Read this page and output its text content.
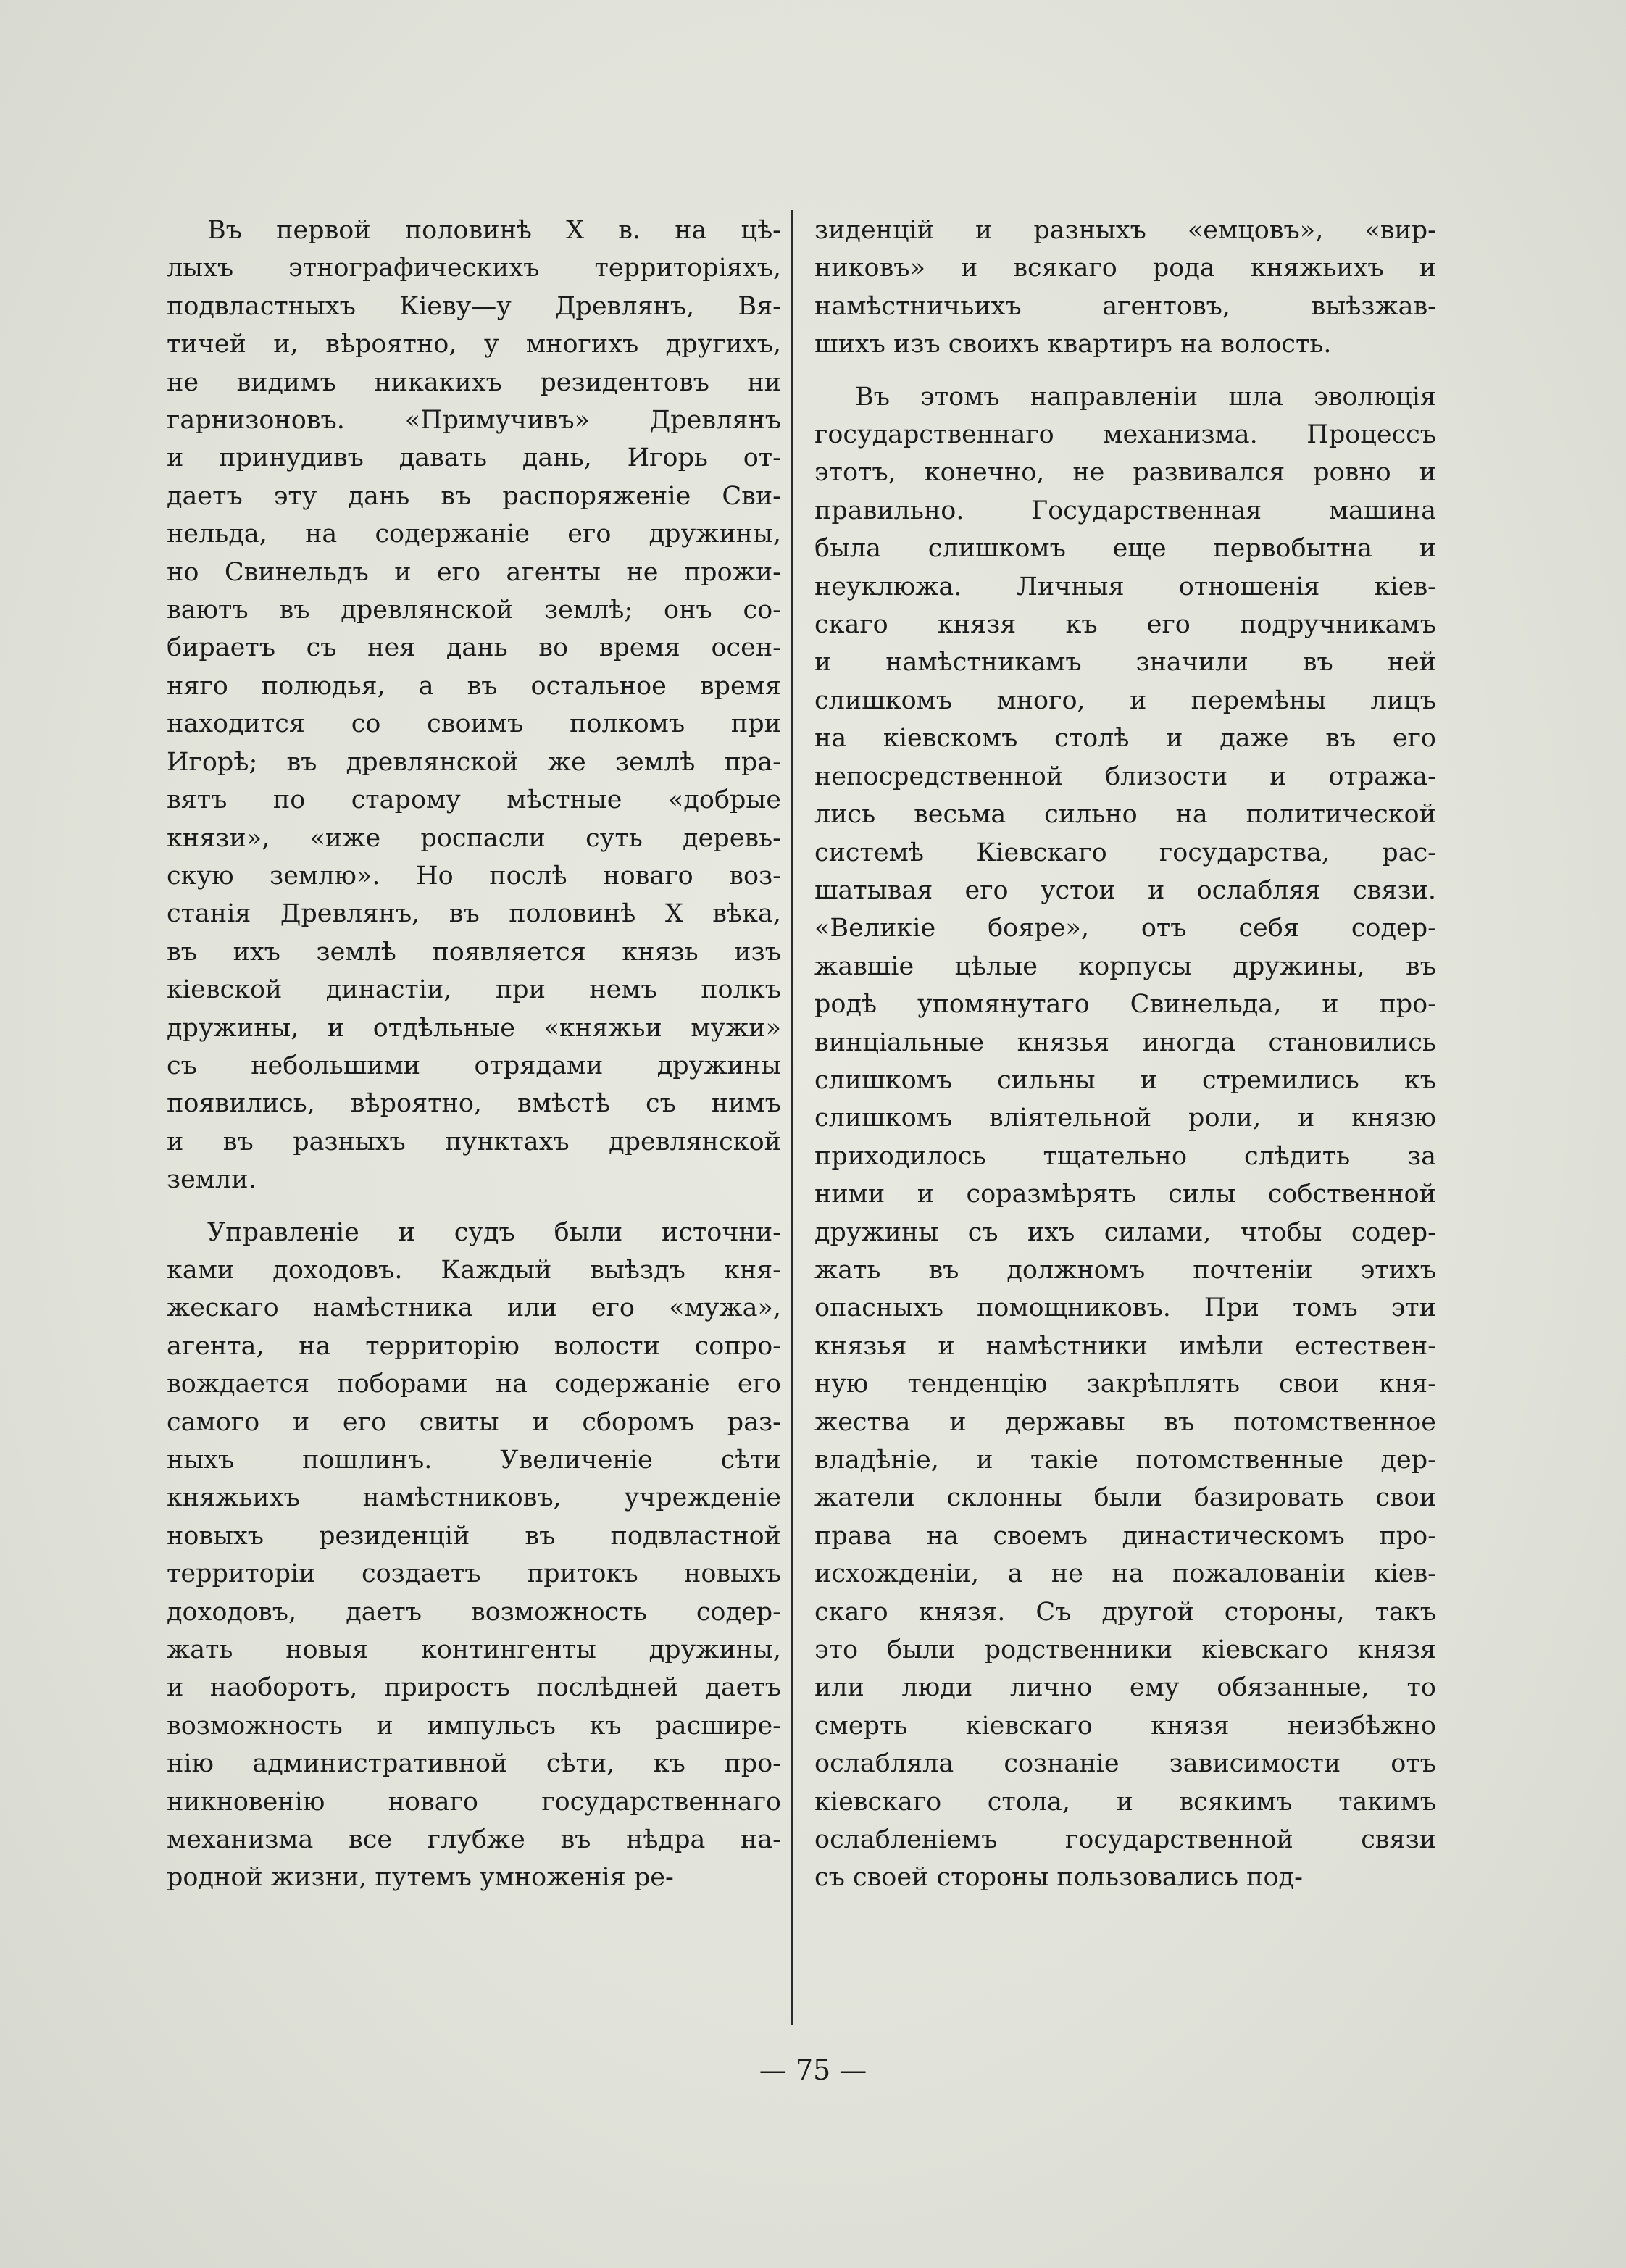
Въ первой половинѣ X в. на цѣ-
лыхъ этнографическихъ территоріяхъ,
подвластныхъ Кіеву—у Древлянъ, Вя-
тичей и, вѣроятно, у многихъ другихъ,
не видимъ никакихъ резидентовъ ни
гарнизоновъ. «Примучивъ» Древлянъ
и принудивъ давать дань, Игорь от-
даетъ эту дань въ распоряженіе Сви-
нельда, на содержаніе его дружины,
но Свинельдъ и его агенты не прожи-
ваютъ въ древлянской землѣ; онъ со-
бираетъ съ нея дань во время осен-
няго полюдья, а въ остальное время
находится со своимъ полкомъ при
Игорѣ; въ древлянской же землѣ пра-
вятъ по старому мѣстные «добрые
князи», «иже роспасли суть деревь-
скую землю». Но послѣ новаго воз-
станія Древлянъ, въ половинѣ X вѣка,
въ ихъ землѣ появляется князь изъ
кіевской династіи, при немъ полкъ
дружины, и отдѣльные «княжьи мужи»
съ небольшими отрядами дружины
появились, вѣроятно, вмѣстѣ съ нимъ
и въ разныхъ пунктахъ древлянской
земли.

Управленіе и судъ были источни-
ками доходовъ. Каждый выѣздъ кня-
жескаго намѣстника или его «мужа»,
агента, на территорію волости сопро-
вождается поборами на содержаніе его
самого и его свиты и сборомъ раз-
ныхъ пошлинъ. Увеличеніе сѣти
княжьихъ намѣстниковъ, учрежденіе
новыхъ резиденцій въ подвластной
территоріи создаетъ притокъ новыхъ
доходовъ, даетъ возможность содер-
жать новыя контингенты дружины,
и наоборотъ, приростъ послѣдней даетъ
возможность и импульсъ къ расшире-
нію административной сѣти, къ про-
никновенію новаго государственнаго
механизма все глубже въ нѣдра на-
родной жизни, путемъ умноженія ре-

зиденцій и разныхъ «емцовъ», «вир-
никовъ» и всякаго рода княжьихъ и
намѣстничьихъ агентовъ, выѣзжав-
шихъ изъ своихъ квартиръ на волость.

Въ этомъ направленіи шла эволюція
государственнаго механизма. Процессъ
этотъ, конечно, не развивался ровно и
правильно. Государственная машина
была слишкомъ еще первобытна и
неуклюжа. Личныя отношенія кіев-
скаго князя къ его подручникамъ
и намѣстникамъ значили въ ней
слишкомъ много, и перемѣны лицъ
на кіевскомъ столѣ и даже въ его
непосредственной близости и отража-
лись весьма сильно на политической
системѣ Кіевскаго государства, рас-
шатывая его устои и ослабляя связи.
«Великіе бояре», отъ себя содер-
жавшіе цѣлые корпусы дружины, въ
родѣ упомянутаго Свинельда, и про-
винціальные князья иногда становились
слишкомъ сильны и стремились къ
слишкомъ вліятельной роли, и князю
приходилось тщательно слѣдить за
ними и соразмѣрять силы собственной
дружины съ ихъ силами, чтобы содер-
жать въ должномъ почтеніи этихъ
опасныхъ помощниковъ. При томъ эти
князья и намѣстники имѣли естествен-
ную тенденцію закрѣплять свои кня-
жества и державы въ потомственное
владѣніе, и такіе потомственные дер-
жатели склонны были базировать свои
права на своемъ династическомъ про-
исхожденіи, а не на пожалованіи кіев-
скаго князя. Съ другой стороны, такъ
это были родственники кіевскаго князя
или люди лично ему обязанные, то
смерть кіевскаго князя неизбѣжно
ослабляла сознаніе зависимости отъ
кіевскаго стола, и всякимъ такимъ
ослабленіемъ государственной связи
съ своей стороны пользовались под-

— 75 —
